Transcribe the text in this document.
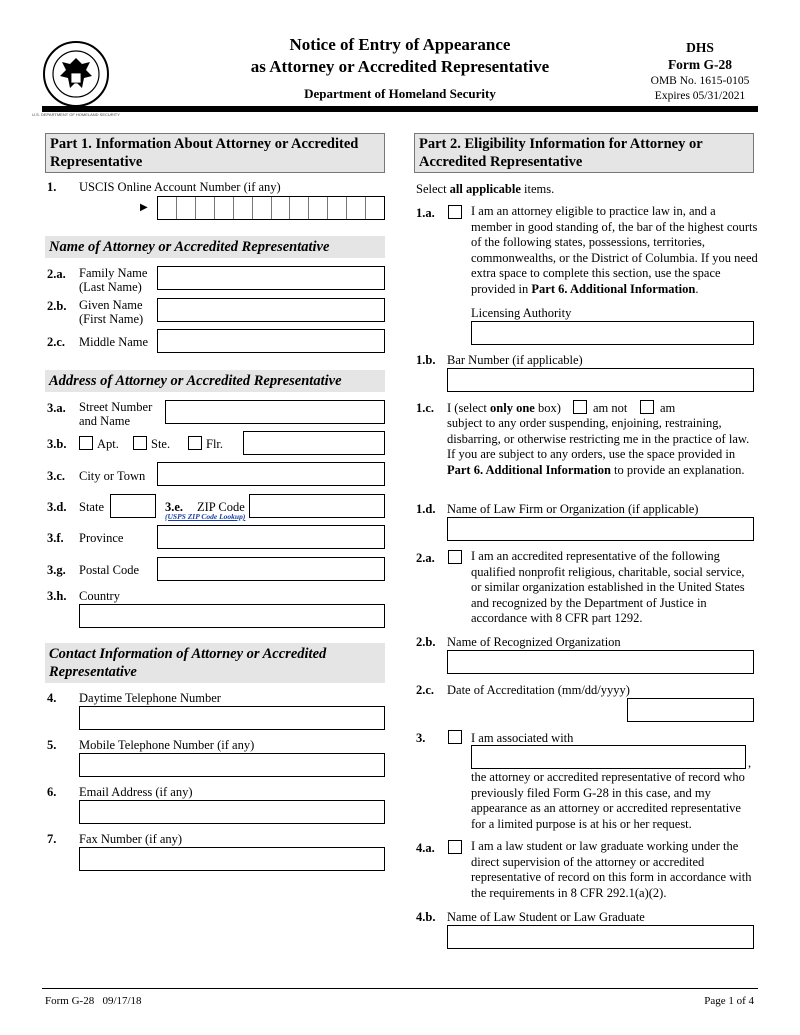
U.S. DEPARTMENT OF HOMELAND SECURITY
Notice of Entry of Appearance
as Attorney or Accredited Representative
Department of Homeland Security
DHS
Form G-28
OMB No. 1615-0105
Expires 05/31/2021
Part 1. Information About Attorney or Accredited Representative
1. USCIS Online Account Number (if any)
▶
Name of Attorney or Accredited Representative
2.a. Family Name
(Last Name)
2.b. Given Name
(First Name)
2.c. Middle Name
Address of Attorney or Accredited Representative
3.a. Street Number
and Name
3.b. Apt.	Ste.	Flr.
3.c. City or Town
3.d. State	3.e. ZIP Code
(USPS ZIP Code Lookup)
3.f. Province
3.g. Postal Code
3.h. Country
Contact Information of Attorney or Accredited Representative
4. Daytime Telephone Number
5. Mobile Telephone Number (if any)
6. Email Address (if any)
7. Fax Number (if any)
Part 2. Eligibility Information for Attorney or Accredited Representative
Select all applicable items.
1.a.	I am an attorney eligible to practice law in, and a member in good standing of, the bar of the highest courts of the following states, possessions, territories, commonwealths, or the District of Columbia. If you need extra space to complete this section, use the space provided in Part 6. Additional Information.
Licensing Authority
1.b. Bar Number (if applicable)
1.c. I (select only one box)	am not	am
subject to any order suspending, enjoining, restraining, disbarring, or otherwise restricting me in the practice of law. If you are subject to any orders, use the space provided in Part 6. Additional Information to provide an explanation.
1.d. Name of Law Firm or Organization (if applicable)
2.a.	I am an accredited representative of the following qualified nonprofit religious, charitable, social service, or similar organization established in the United States and recognized by the Department of Justice in accordance with 8 CFR part 1292.
2.b. Name of Recognized Organization
2.c. Date of Accreditation (mm/dd/yyyy)
3.	I am associated with
,
the attorney or accredited representative of record who previously filed Form G-28 in this case, and my appearance as an attorney or accredited representative for a limited purpose is at his or her request.
4.a.	I am a law student or law graduate working under the direct supervision of the attorney or accredited representative of record on this form in accordance with the requirements in 8 CFR 292.1(a)(2).
4.b. Name of Law Student or Law Graduate
Form G-28   09/17/18	Page 1 of 4
